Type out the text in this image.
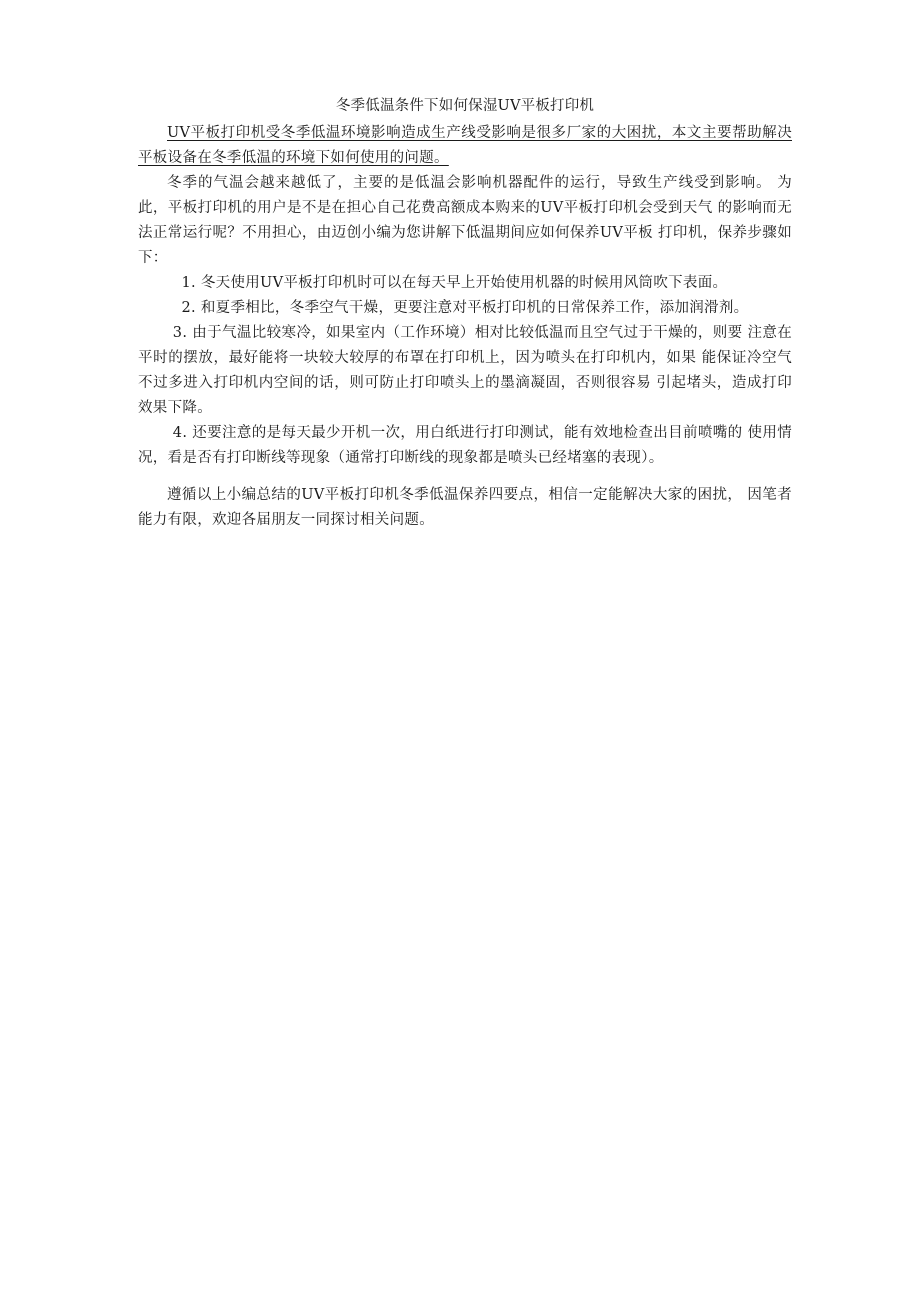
冬季低温条件下如何保湿UV平板打印机

UV平板打印机受冬季低温环境影响造成生产线受影响是很多厂家的大困扰，本文主要帮助解决平板设备在冬季低温的环境下如何使用的问题。

冬季的气温会越来越低了，主要的是低温会影响机器配件的运行，导致生产线受到影响。 为此，平板打印机的用户是不是在担心自己花费高额成本购来的UV平板打印机会受到天气 的影响而无法正常运行呢？不用担心，由迈创小编为您讲解下低温期间应如何保养UV平板 打印机，保养步骤如下：

1. 冬天使用UV平板打印机时可以在每天早上开始使用机器的时候用风筒吹下表面。

2. 和夏季相比，冬季空气干燥，更要注意对平板打印机的日常保养工作，添加润滑剂。

3. 由于气温比较寒冷，如果室内（工作环境）相对比较低温而且空气过于干燥的，则要 注意在平时的摆放，最好能将一块较大较厚的布罩在打印机上，因为喷头在打印机内，如果 能保证冷空气不过多进入打印机内空间的话，则可防止打印喷头上的墨滴凝固，否则很容易 引起堵头，造成打印效果下降。

4. 还要注意的是每天最少开机一次，用白纸进行打印测试，能有效地检查出目前喷嘴的 使用情况，看是否有打印断线等现象（通常打印断线的现象都是喷头已经堵塞的表现）。

遵循以上小编总结的UV平板打印机冬季低温保养四要点，相信一定能解决大家的困扰， 因笔者能力有限，欢迎各届朋友一同探讨相关问题。
